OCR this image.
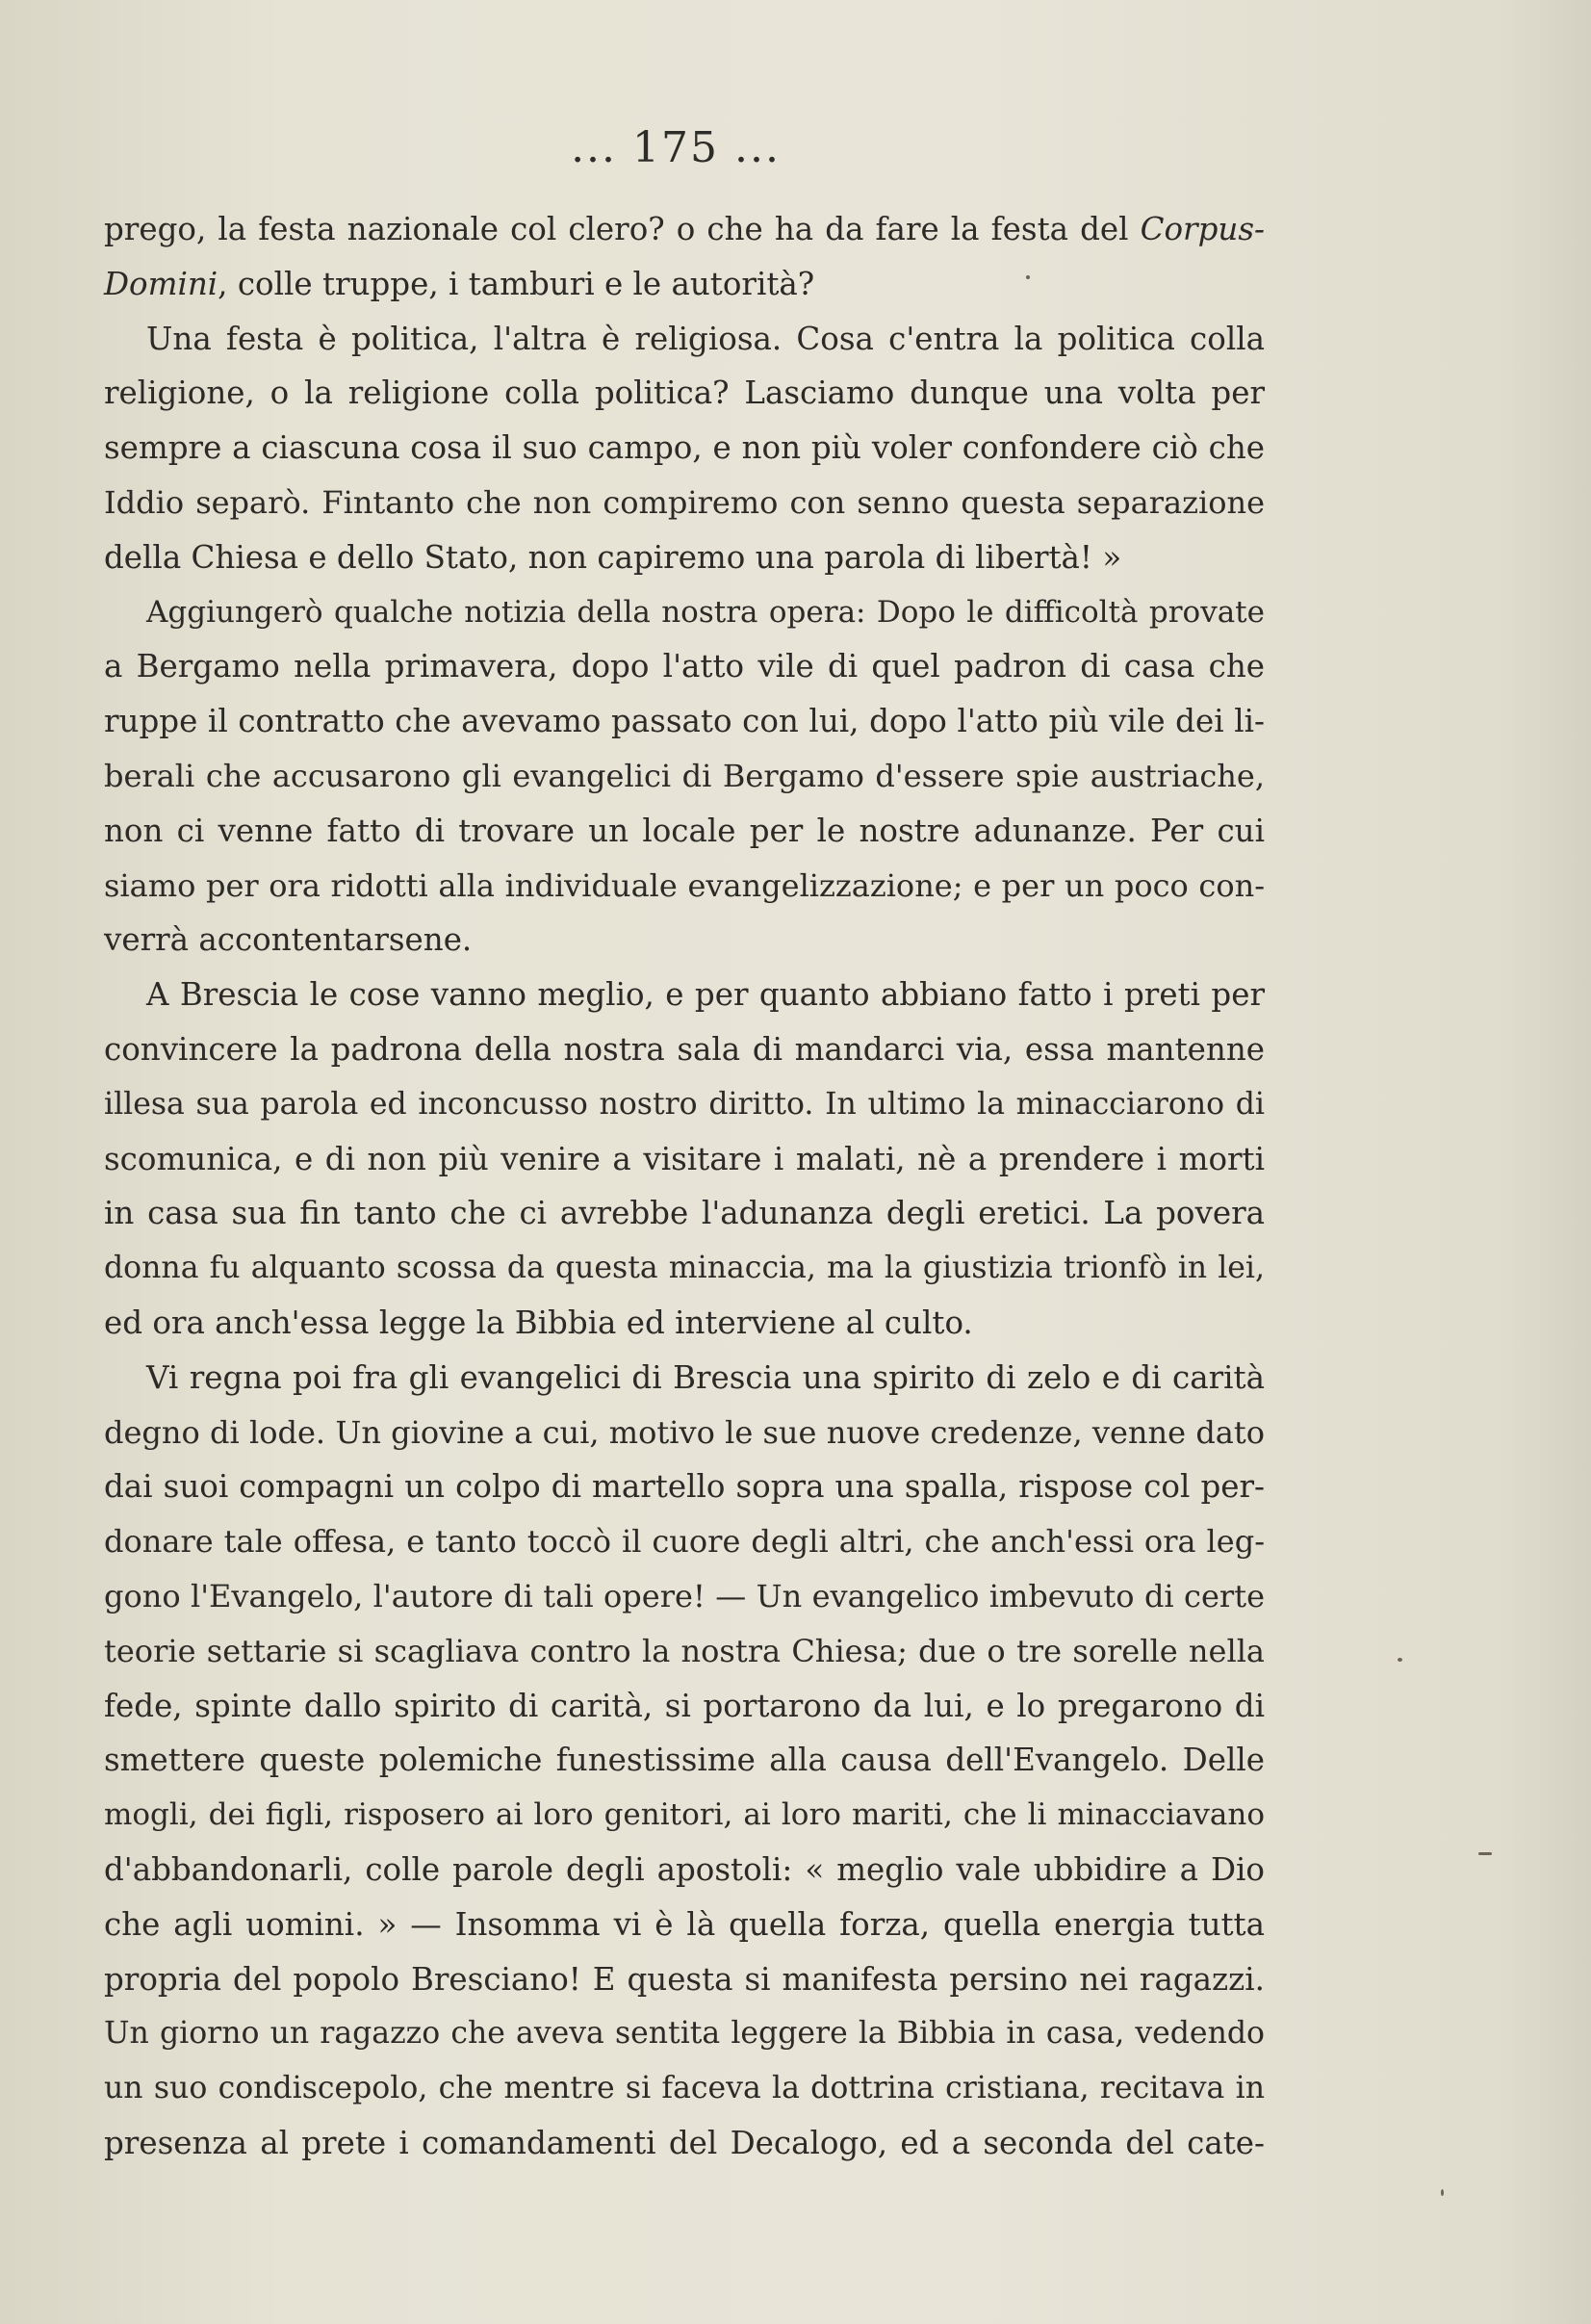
... 175 ...
prego, la festa nazionale col clero? o che ha da fare la festa del Corpus-
Domini, colle truppe, i tamburi e le autorità?
Una festa è politica, l'altra è religiosa. Cosa c'entra la politica colla
religione, o la religione colla politica? Lasciamo dunque una volta per
sempre a ciascuna cosa il suo campo, e non più voler confondere ciò che
Iddio separò. Fintanto che non compiremo con senno questa separazione
della Chiesa e dello Stato, non capiremo una parola di libertà! »
Aggiungerò qualche notizia della nostra opera: Dopo le difficoltà provate
a Bergamo nella primavera, dopo l'atto vile di quel padron di casa che
ruppe il contratto che avevamo passato con lui, dopo l'atto più vile dei li-
berali che accusarono gli evangelici di Bergamo d'essere spie austriache,
non ci venne fatto di trovare un locale per le nostre adunanze. Per cui
siamo per ora ridotti alla individuale evangelizzazione; e per un poco con-
verrà accontentarsene.
A Brescia le cose vanno meglio, e per quanto abbiano fatto i preti per
convincere la padrona della nostra sala di mandarci via, essa mantenne
illesa sua parola ed inconcusso nostro diritto. In ultimo la minacciarono di
scomunica, e di non più venire a visitare i malati, nè a prendere i morti
in casa sua fin tanto che ci avrebbe l'adunanza degli eretici. La povera
donna fu alquanto scossa da questa minaccia, ma la giustizia trionfò in lei,
ed ora anch'essa legge la Bibbia ed interviene al culto.
Vi regna poi fra gli evangelici di Brescia una spirito di zelo e di carità
degno di lode. Un giovine a cui, motivo le sue nuove credenze, venne dato
dai suoi compagni un colpo di martello sopra una spalla, rispose col per-
donare tale offesa, e tanto toccò il cuore degli altri, che anch'essi ora leg-
gono l'Evangelo, l'autore di tali opere! — Un evangelico imbevuto di certe
teorie settarie si scagliava contro la nostra Chiesa; due o tre sorelle nella
fede, spinte dallo spirito di carità, si portarono da lui, e lo pregarono di
smettere queste polemiche funestissime alla causa dell'Evangelo. Delle
mogli, dei figli, risposero ai loro genitori, ai loro mariti, che li minacciavano
d'abbandonarli, colle parole degli apostoli: « meglio vale ubbidire a Dio
che agli uomini. » — Insomma vi è là quella forza, quella energia tutta
propria del popolo Bresciano! E questa si manifesta persino nei ragazzi.
Un giorno un ragazzo che aveva sentita leggere la Bibbia in casa, vedendo
un suo condiscepolo, che mentre si faceva la dottrina cristiana, recitava in
presenza al prete i comandamenti del Decalogo, ed a seconda del cate-
